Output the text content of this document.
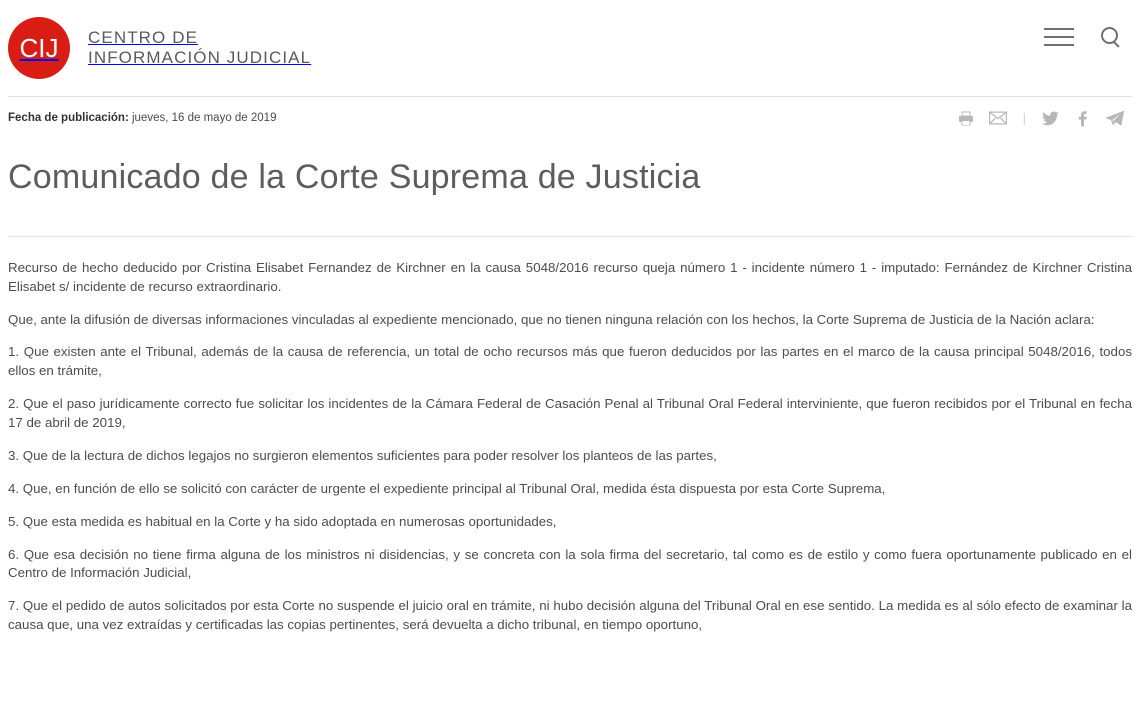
CIJ CENTRO DE
INFORMACIÓN JUDICIAL
Fecha de publicación: jueves, 16 de mayo de 2019	|
Comunicado de la Corte Suprema de Justicia

Recurso de hecho deducido por Cristina Elisabet Fernandez de Kirchner en la causa 5048/2016 recurso queja número 1 - incidente número 1 - imputado: Fernández de Kirchner Cristina Elisabet s/ incidente de recurso extraordinario.

Que, ante la difusión de diversas informaciones vinculadas al expediente mencionado, que no tienen ninguna relación con los hechos, la Corte Suprema de Justicia de la Nación aclara:

1. Que existen ante el Tribunal, además de la causa de referencia, un total de ocho recursos más que fueron deducidos por las partes en el marco de la causa principal 5048/2016, todos ellos en trámite,

2. Que el paso jurídicamente correcto fue solicitar los incidentes de la Cámara Federal de Casación Penal al Tribunal Oral Federal interviniente, que fueron recibidos por el Tribunal en fecha 17 de abril de 2019,

3. Que de la lectura de dichos legajos no surgieron elementos suficientes para poder resolver los planteos de las partes,

4. Que, en función de ello se solicitó con carácter de urgente el expediente principal al Tribunal Oral, medida ésta dispuesta por esta Corte Suprema,

5. Que esta medida es habitual en la Corte y ha sido adoptada en numerosas oportunidades,

6. Que esa decisión no tiene firma alguna de los ministros ni disidencias, y se concreta con la sola firma del secretario, tal como es de estilo y como fuera oportunamente publicado en el Centro de Información Judicial,

7. Que el pedido de autos solicitados por esta Corte no suspende el juicio oral en trámite, ni hubo decisión alguna del Tribunal Oral en ese sentido. La medida es al sólo efecto de examinar la causa que, una vez extraídas y certificadas las copias pertinentes, será devuelta a dicho tribunal, en tiempo oportuno,
